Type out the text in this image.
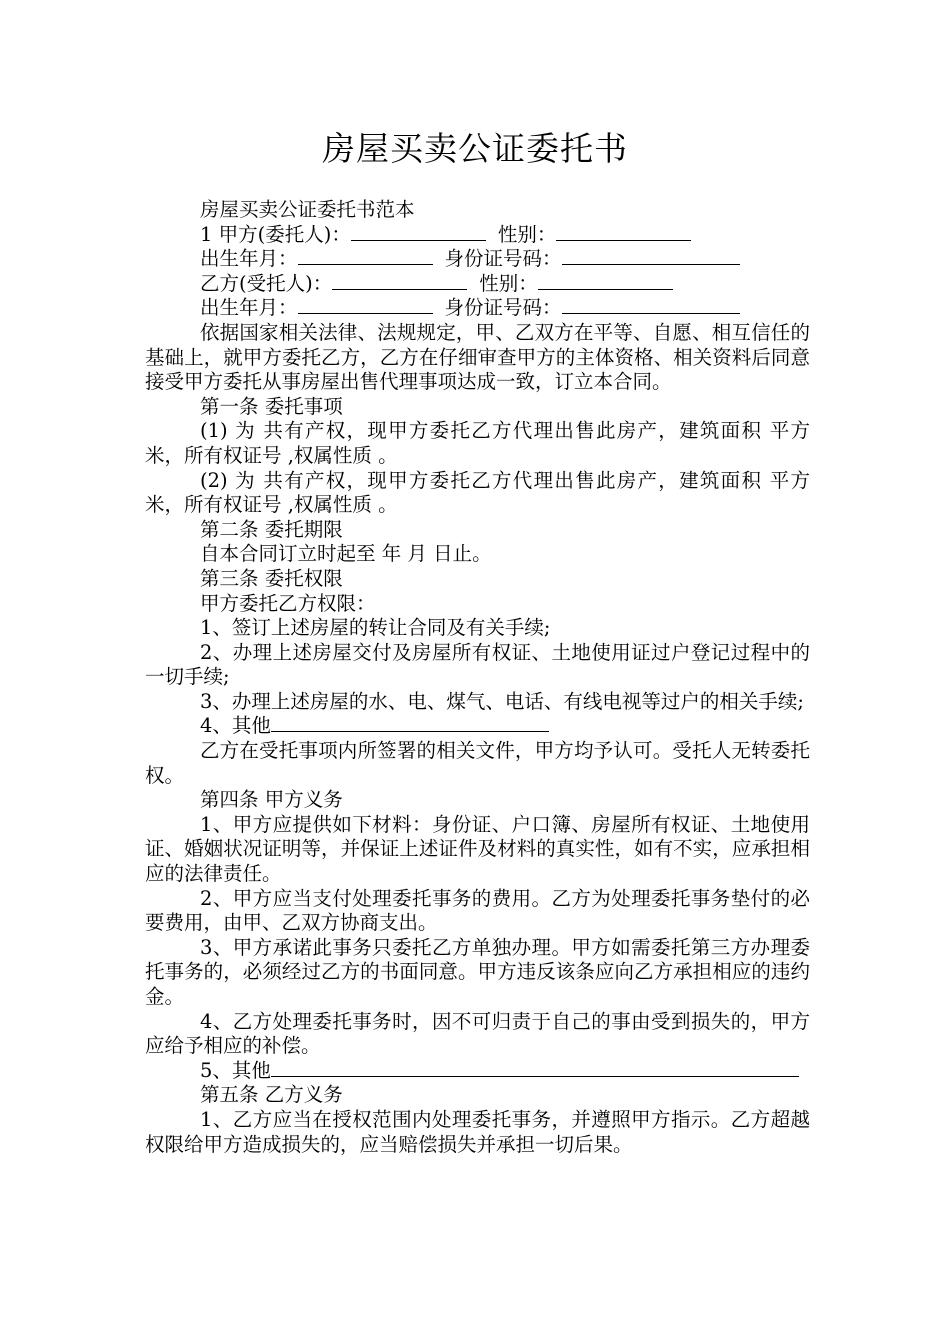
房屋买卖公证委托书
房屋买卖公证委托书范本
1 甲方(委托人)：	性别：
出生年月：	身份证号码：
乙方(受托人)：	性别：
出生年月：	身份证号码：

依据国家相关法律、法规规定，甲、乙双方在平等、自愿、相互信任的基础上，就甲方委托乙方，乙方在仔细审查甲方的主体资格、相关资料后同意接受甲方委托从事房屋出售代理事项达成一致，订立本合同。

第一条 委托事项

(1) 为 共有产权，现甲方委托乙方代理出售此房产，建筑面积 平方米，所有权证号 ,权属性质 。

(2) 为 共有产权，现甲方委托乙方代理出售此房产，建筑面积 平方米，所有权证号 ,权属性质 。

第二条 委托期限
自本合同订立时起至 年 月 日止。
第三条 委托权限
甲方委托乙方权限：
1、签订上述房屋的转让合同及有关手续;

2、办理上述房屋交付及房屋所有权证、土地使用证过户登记过程中的一切手续;

3、办理上述房屋的水、电、煤气、电话、有线电视等过户的相关手续;

4、其他

乙方在受托事项内所签署的相关文件，甲方均予认可。受托人无转委托权。

第四条 甲方义务

1、甲方应提供如下材料：身份证、户口簿、房屋所有权证、土地使用证、婚姻状况证明等，并保证上述证件及材料的真实性，如有不实，应承担相应的法律责任。

2、甲方应当支付处理委托事务的费用。乙方为处理委托事务垫付的必要费用，由甲、乙双方协商支出。

3、甲方承诺此事务只委托乙方单独办理。甲方如需委托第三方办理委托事务的，必须经过乙方的书面同意。甲方违反该条应向乙方承担相应的违约金。

4、乙方处理委托事务时，因不可归责于自己的事由受到损失的，甲方应给予相应的补偿。

5、其他
第五条 乙方义务

1、乙方应当在授权范围内处理委托事务，并遵照甲方指示。乙方超越权限给甲方造成损失的，应当赔偿损失并承担一切后果。
